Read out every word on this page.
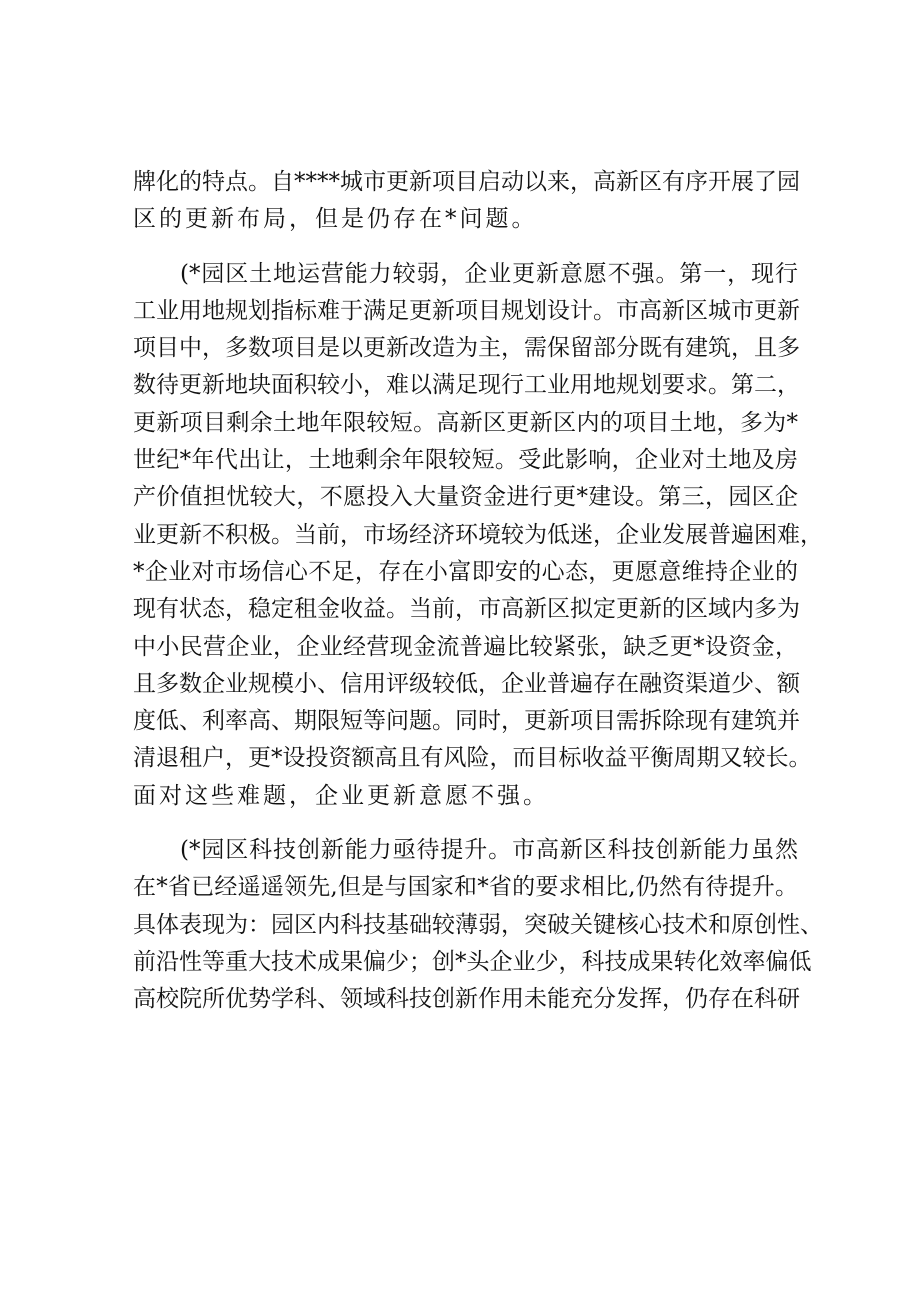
牌化的特点。自****城市更新项目启动以来，高新区有序开展了园
区的更新布局，但是仍存在*问题。
(*园区土地运营能力较弱，企业更新意愿不强。第一，现行
工业用地规划指标难于满足更新项目规划设计。市高新区城市更新
项目中，多数项目是以更新改造为主，需保留部分既有建筑，且多
数待更新地块面积较小，难以满足现行工业用地规划要求。第二，
更新项目剩余土地年限较短。高新区更新区内的项目土地，多为*
世纪*年代出让，土地剩余年限较短。受此影响，企业对土地及房
产价值担忧较大，不愿投入大量资金进行更*建设。第三，园区企
业更新不积极。当前，市场经济环境较为低迷，企业发展普遍困难，
*企业对市场信心不足，存在小富即安的心态，更愿意维持企业的
现有状态，稳定租金收益。当前，市高新区拟定更新的区域内多为
中小民营企业，企业经营现金流普遍比较紧张，缺乏更*设资金，
且多数企业规模小、信用评级较低，企业普遍存在融资渠道少、额
度低、利率高、期限短等问题。同时，更新项目需拆除现有建筑并
清退租户，更*设投资额高且有风险，而目标收益平衡周期又较长。
面对这些难题，企业更新意愿不强。
(*园区科技创新能力亟待提升。市高新区科技创新能力虽然
在*省已经遥遥领先,但是与国家和*省的要求相比,仍然有待提升。
具体表现为：园区内科技基础较薄弱，突破关键核心技术和原创性、
前沿性等重大技术成果偏少；创*头企业少，科技成果转化效率偏低
高校院所优势学科、领域科技创新作用未能充分发挥，仍存在科研
